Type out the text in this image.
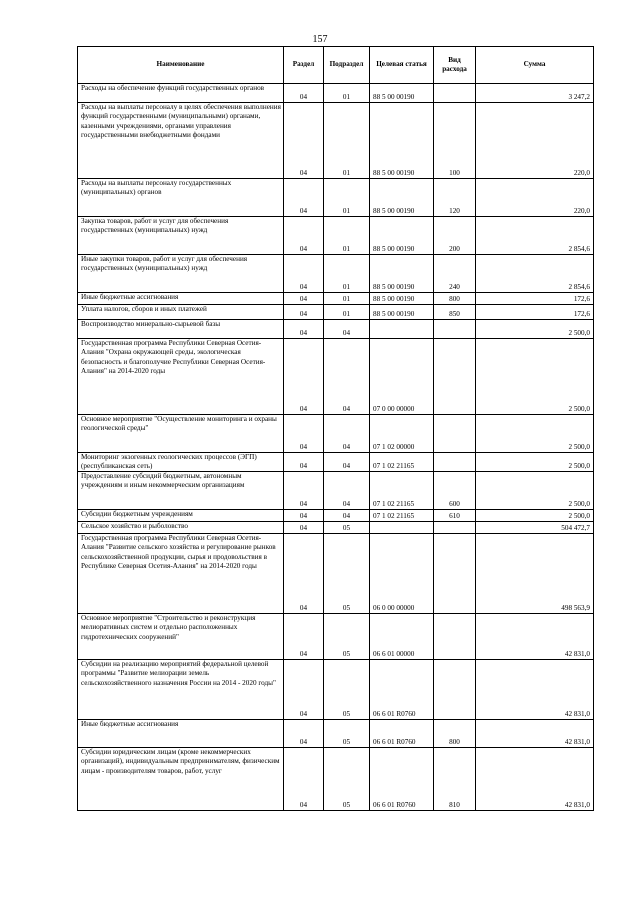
157
Наименование	Раздел	Подраздел	Целевая статья	Вид расхода	Сумма

Расходы на обеспечение функций государственных органов	04	01	88 5 00 00190		3 247,2

Расходы на выплаты персоналу в целях обеспечения выполнения функций государственными (муниципальными) органами, казенными учреждениями, органами управления государственными внебюджетными фондами	04	01	88 5 00 00190	100	220,0

Расходы на выплаты персоналу государственных (муниципальных) органов	04	01	88 5 00 00190	120	220,0

Закупка товаров, работ и услуг для обеспечения государственных (муниципальных) нужд	04	01	88 5 00 00190	200	2 854,6

Иные закупки товаров, работ и услуг для обеспечения государственных (муниципальных) нужд	04	01	88 5 00 00190	240	2 854,6

Иные бюджетные ассигнования	04	01	88 5 00 00190	800	172,6

Уплата налогов, сборов и иных платежей	04	01	88 5 00 00190	850	172,6

Воспроизводство минерально-сырьевой базы	04	04			2 500,0

Государственная программа Республики Северная Осетия-Алания "Охрана окружающей среды, экологическая безопасность и благополучие Республики Северная Осетия-Алания" на 2014-2020 годы	04	04	07 0 00 00000		2 500,0

Основное мероприятие "Осуществление мониторинга и охраны геологической среды"	04	04	07 1 02 00000		2 500,0

Мониторинг экзогенных геологических процессов (ЭГП) (республиканская сеть)	04	04	07 1 02 21165		2 500,0

Предоставление субсидий бюджетным, автономным учреждениям и иным некоммерческим организациям	04	04	07 1 02 21165	600	2 500,0

Субсидии бюджетным учреждениям	04	04	07 1 02 21165	610	2 500,0

Сельское хозяйство и рыболовство	04	05			504 472,7

Государственная программа Республики Северная Осетия-Алания "Развитие сельского хозяйства и регулирование рынков сельскохозяйственной продукции, сырья и продовольствия в Республике Северная Осетия-Алания" на 2014-2020 годы	04	05	06 0 00 00000		498 563,9

Основное мероприятие "Строительство и реконструкция мелиоративных систем и отдельно расположенных гидротехнических сооружений"	04	05	06 6 01 00000		42 831,0

Субсидии на реализацию мероприятий федеральной целевой программы "Развитие мелиорации земель сельскохозяйственного назначения России на 2014 - 2020 годы"	04	05	06 6 01 R0760		42 831,0

Иные бюджетные ассигнования	04	05	06 6 01 R0760	800	42 831,0

Субсидии юридическим лицам (кроме некоммерческих организаций), индивидуальным предпринимателям, физическим лицам - производителям товаров, работ, услуг	04	05	06 6 01 R0760	810	42 831,0
